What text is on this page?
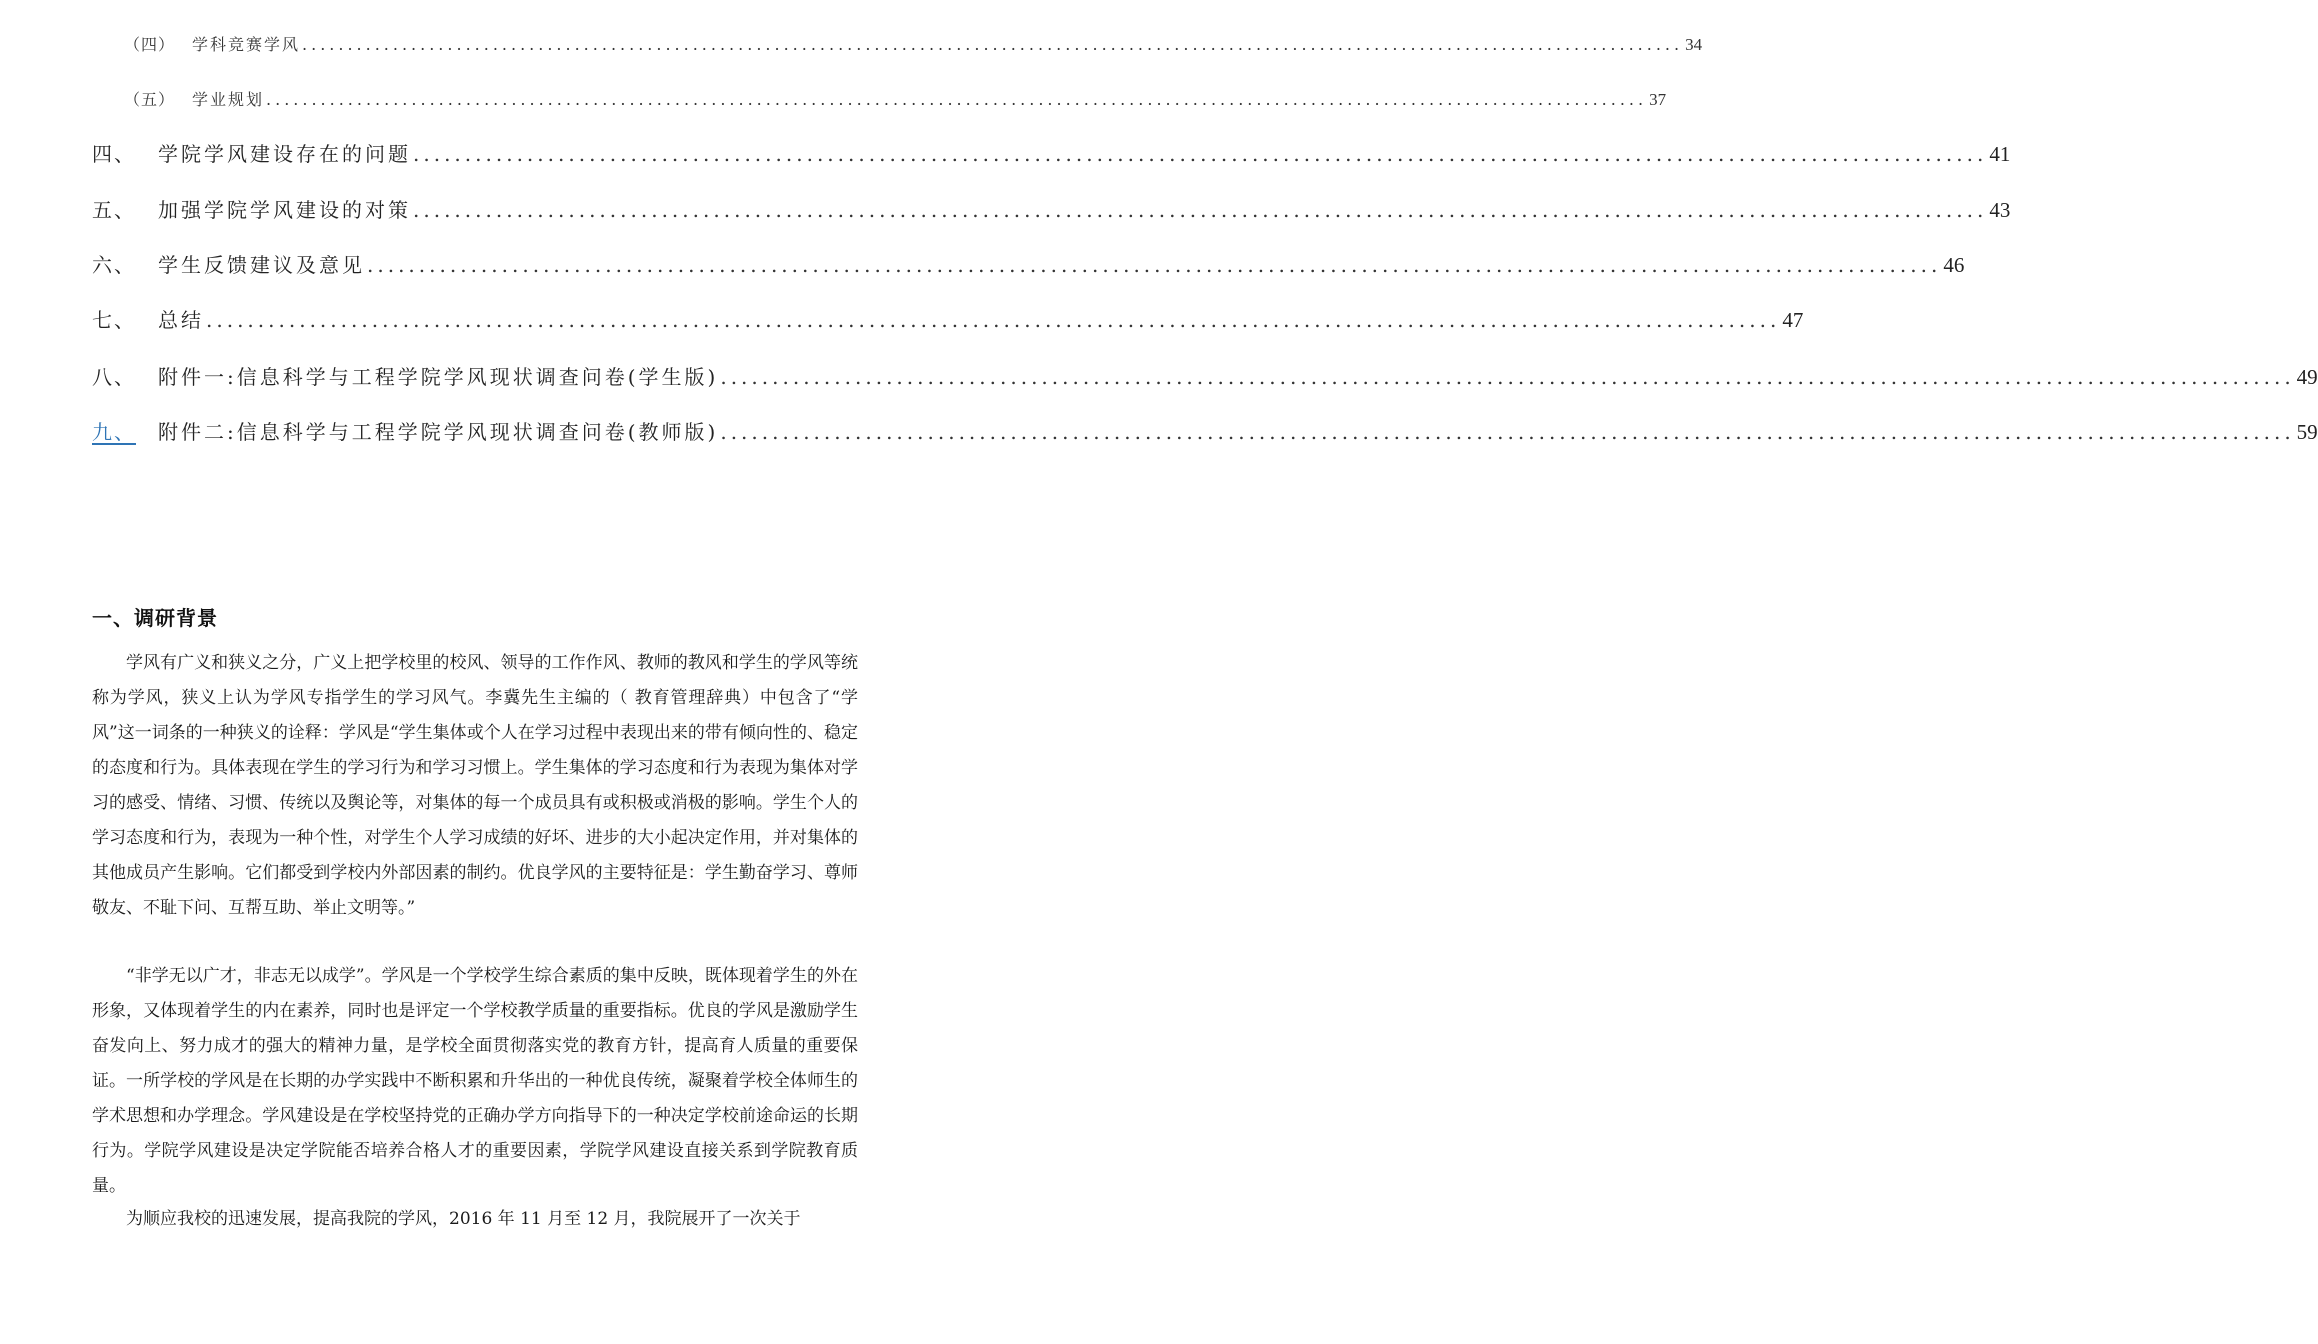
（四） 学科竞赛学风 ........................................................................................................................................................ 34
（五） 学业规划 ........................................................................................................................................................ 37
四、 学院学风建设存在的问题 ........................................................................................................................................................ 41
五、 加强学院学风建设的对策 ........................................................................................................................................................ 43
六、 学生反馈建议及意见 ........................................................................................................................................................ 46
七、 总结 ........................................................................................................................................................ 47
八、 附件一:信息科学与工程学院学风现状调查问卷(学生版) ........................................................................................................................................................ 49
九、 附件二:信息科学与工程学院学风现状调查问卷(教师版) ........................................................................................................................................................ 59
一、调研背景

学风有广义和狭义之分，广义上把学校里的校风、领导的工作作风、教师的教风和学生的学风等统称为学风，狭义上认为学风专指学生的学习风气。李冀先生主编的（ 教育管理辞典）中包含了“学风”这一词条的一种狭义的诠释：学风是“学生集体或个人在学习过程中表现出来的带有倾向性的、稳定的态度和行为。具体表现在学生的学习行为和学习习惯上。学生集体的学习态度和行为表现为集体对学习的感受、情绪、习惯、传统以及舆论等，对集体的每一个成员具有或积极或消极的影响。学生个人的学习态度和行为，表现为一种个性，对学生个人学习成绩的好坏、进步的大小起决定作用，并对集体的其他成员产生影响。它们都受到学校内外部因素的制约。优良学风的主要特征是：学生勤奋学习、尊师敬友、不耻下问、互帮互助、举止文明等。”

“非学无以广才，非志无以成学”。学风是一个学校学生综合素质的集中反映，既体现着学生的外在形象，又体现着学生的内在素养，同时也是评定一个学校教学质量的重要指标。优良的学风是激励学生奋发向上、努力成才的强大的精神力量，是学校全面贯彻落实党的教育方针，提高育人质量的重要保证。一所学校的学风是在长期的办学实践中不断积累和升华出的一种优良传统，凝聚着学校全体师生的学术思想和办学理念。学风建设是在学校坚持党的正确办学方向指导下的一种决定学校前途命运的长期行为。学院学风建设是决定学院能否培养合格人才的重要因素，学院学风建设直接关系到学院教育质量。

为顺应我校的迅速发展，提高我院的学风，2016 年 11 月至 12 月，我院展开了一次关于
